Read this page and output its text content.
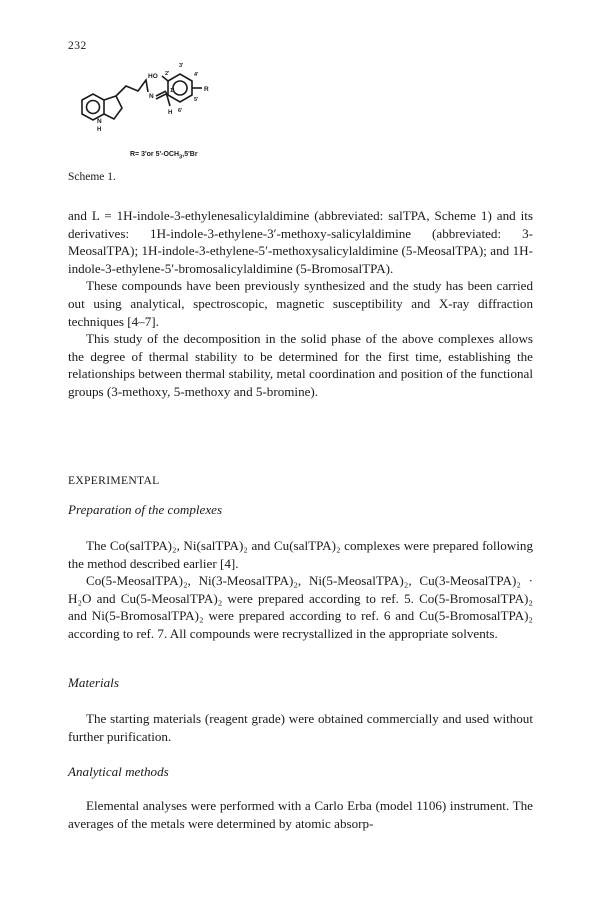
232
HO 2'
3'
4'
R
5'
6'
1'
N
N
H
H
R= 3'or $5'-OCH_3,5'Br$
Scheme 1.

and L = 1H-indole-3-ethylenesalicylaldimine (abbreviated: salTPA, Scheme 1) and its derivatives: 1H-indole-3-ethylene-3′-methoxy-salicylaldimine (abbreviated: 3-MeosalTPA); 1H-indole-3-ethylene-5′-methoxysalicylaldimine (5-MeosalTPA); and 1H-indole-3-ethylene-5′-bromosalicylaldimine (5-BromosalTPA).

These compounds have been previously synthesized and the study has been carried out using analytical, spectroscopic, magnetic susceptibility and X-ray diffraction techniques [4–7].

This study of the decomposition in the solid phase of the above complexes allows the degree of thermal stability to be determined for the first time, establishing the relationships between thermal stability, metal coordination and position of the functional groups (3-methoxy, 5-methoxy and 5-bromine).

EXPERIMENTAL
Preparation of the complexes

The Co(salTPA)₂, Ni(salTPA)₂ and Cu(salTPA)₂ complexes were prepared following the method described earlier [4].

Co(5-MeosalTPA)₂, Ni(3-MeosalTPA)₂, Ni(5-MeosalTPA)₂, Cu(3-MeosalTPA)₂ · H₂O and Cu(5-MeosalTPA)₂ were prepared according to ref. 5. Co(5-BromosalTPA)₂ and Ni(5-BromosalTPA)₂ were prepared according to ref. 6 and Cu(5-BromosalTPA)₂ according to ref. 7. All compounds were recrystallized in the appropriate solvents.

Materials

The starting materials (reagent grade) were obtained commercially and used without further purification.

Analytical methods

Elemental analyses were performed with a Carlo Erba (model 1106) instrument. The averages of the metals were determined by atomic absorp-
